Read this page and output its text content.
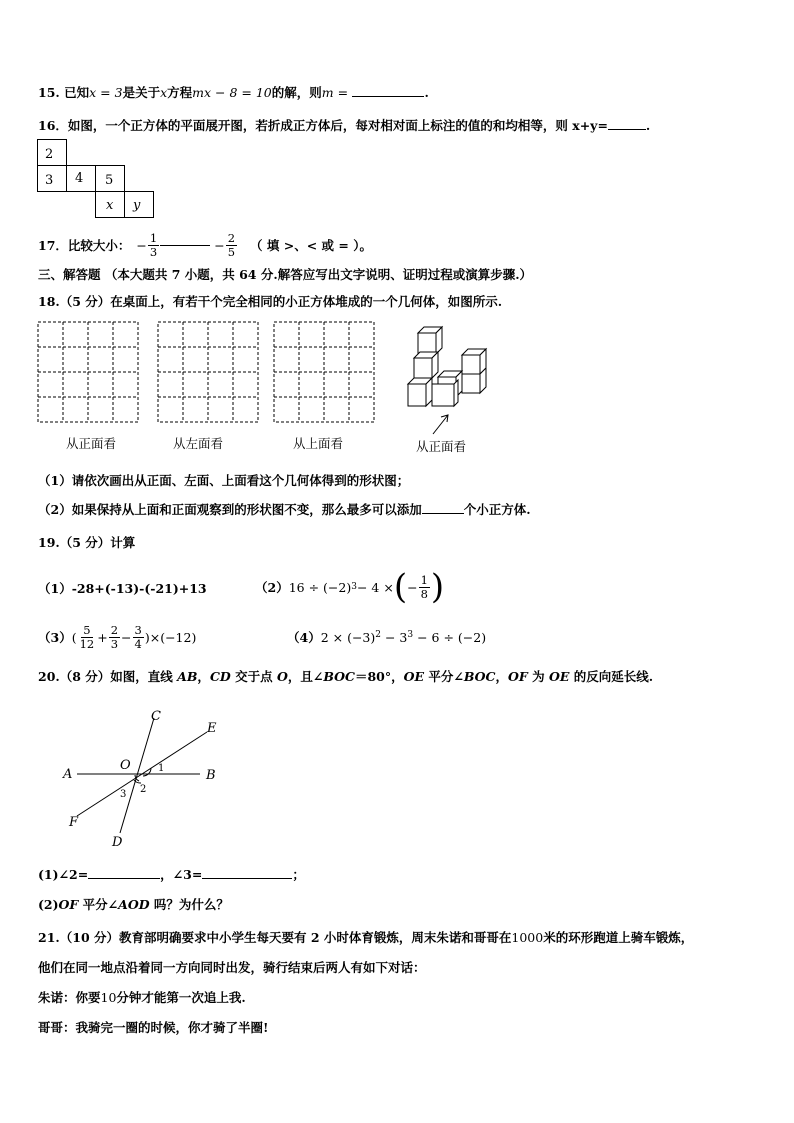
15. 已知x = 3是关于x方程mx − 8 = 10的解，则m =	.
16．如图，一个正方体的平面展开图，若折成正方体后，每对相对面上标注的值的和均相等，则 x+y=	.
2
3 4 5
x y
17．比较大小： − $\frac{1}{3}$	− $\frac{2}{5}$ （ 填 >、< 或 = ）。
三、解答题 （本大题共 7 小题，共 64 分.解答应写出文字说明、证明过程或演算步骤.）
18.（5 分）在桌面上，有若干个完全相同的小正方体堆成的一个几何体，如图所示.
从正面看	从左面看	从上面看	从正面看
（1）请依次画出从正面、左面、上面看这个几何体得到的形状图；
（2）如果保持从上面和正面观察到的形状图不变，那么最多可以添加	个小正方体.
19.（5 分）计算
（1）-28+(-13)-(-21)+13	（2） 16 ÷ (−2) 3 − 4 × ( − $\frac{1}{8}$ )
（3） ( $\frac{5}{12} + \frac{2}{3} - \frac{3}{4} )\times(-12)$	$(4)2 \times (-3)^2 - 3^3 - 6 \div (-2)$
20.（8 分）如图，直线 AB，CD 交于点 O，且∠BOC＝80°，OE 平分∠BOC，OF 为 OE 的反向延长线.
C
E
A
O
B
F
D
1
2
3
(1)∠2=	，∠3=	；
(2)OF 平分∠AOD 吗？为什么？
21.（10 分）教育部明确要求中小学生每天要有 2 小时体育锻炼，周末朱诺和哥哥在1000米的环形跑道上骑车锻炼，
他们在同一地点沿着同一方向同时出发，骑行结束后两人有如下对话：
朱诺：你要10分钟才能第一次追上我.
哥哥：我骑完一圈的时候，你才骑了半圈!
